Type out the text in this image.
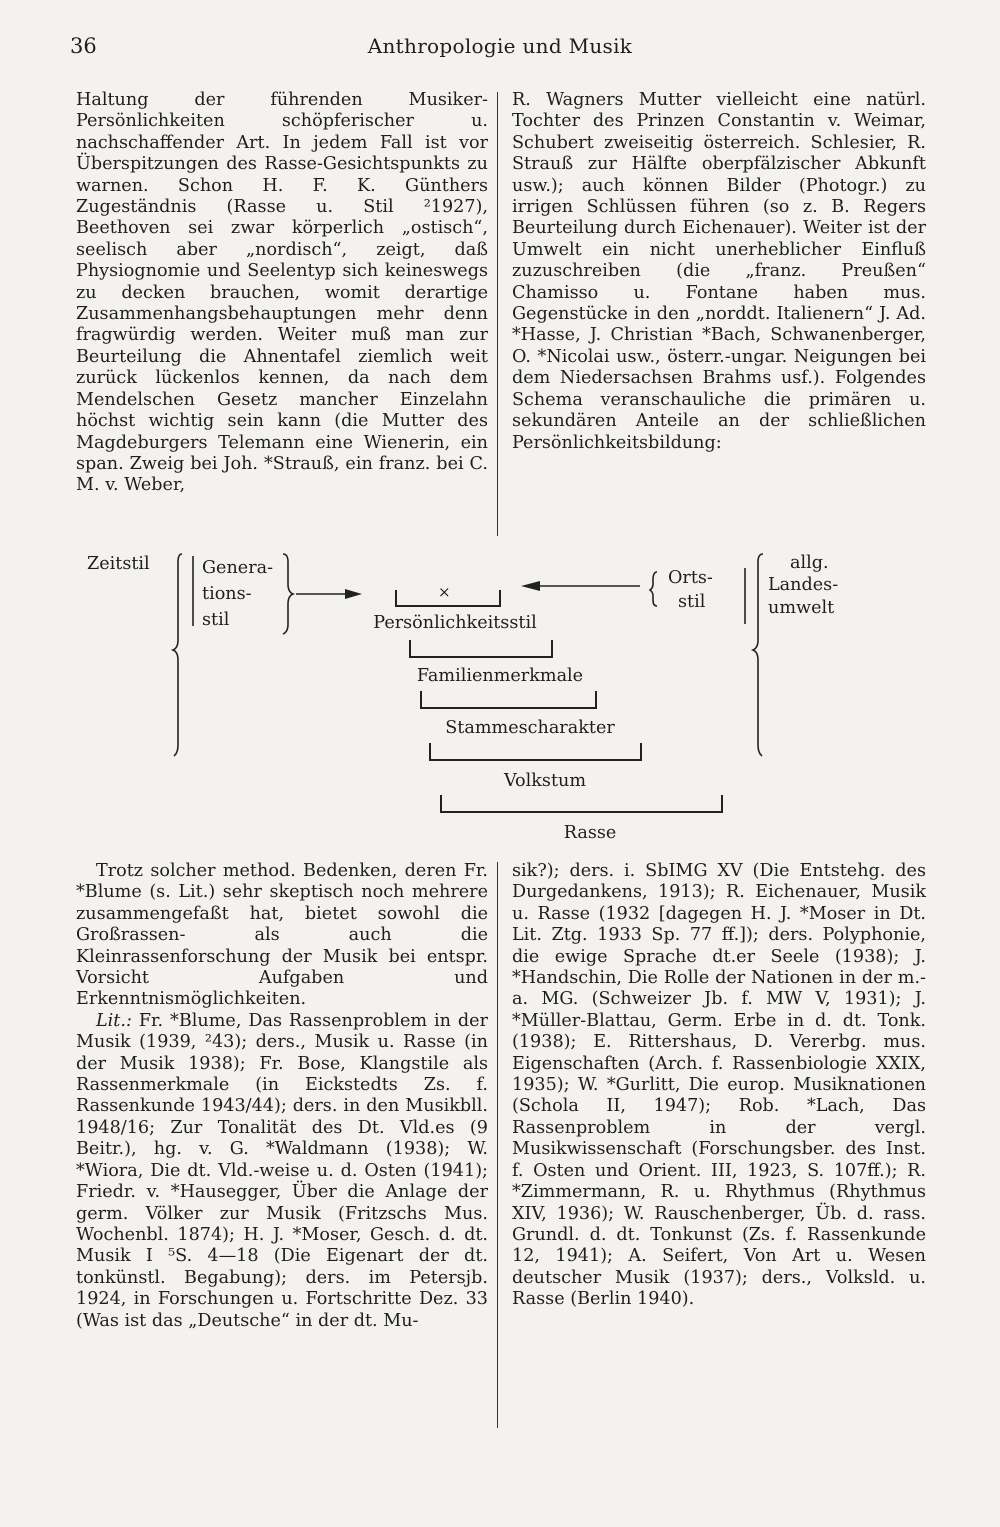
36	Anthropologie und Musik

Haltung der führenden Musiker-Persönlichkeiten schöpferischer u. nachschaffender Art. In jedem Fall ist vor Überspitzungen des Rasse-Gesichtspunkts zu warnen. Schon H. F. K. Günthers Zugeständnis (Rasse u. Stil ²1927), Beethoven sei zwar körperlich „ostisch“, seelisch aber „nordisch“, zeigt, daß Physiognomie und Seelentyp sich keineswegs zu decken brauchen, womit derartige Zusammenhangsbehauptungen mehr denn fragwürdig werden. Weiter muß man zur Beurteilung die Ahnentafel ziemlich weit zurück lückenlos kennen, da nach dem Mendelschen Gesetz mancher Einzelahn höchst wichtig sein kann (die Mutter des Magdeburgers Telemann eine Wienerin, ein span. Zweig bei Joh. *Strauß, ein franz. bei C. M. v. Weber,

R. Wagners Mutter vielleicht eine natürl. Tochter des Prinzen Constantin v. Weimar, Schubert zweiseitig österreich. Schlesier, R. Strauß zur Hälfte oberpfälzischer Abkunft usw.); auch können Bilder (Photogr.) zu irrigen Schlüssen führen (so z. B. Regers Beurteilung durch Eichenauer). Weiter ist der Umwelt ein nicht unerheblicher Einfluß zuzuschreiben (die „franz. Preußen“ Chamisso u. Fontane haben mus. Gegenstücke in den „norddt. Italienern“ J. Ad. *Hasse, J. Christian *Bach, Schwanenberger, O. *Nicolai usw., österr.-ungar. Neigungen bei dem Niedersachsen Brahms usf.). Folgendes Schema veranschauliche die primären u. sekundären Anteile an der schließlichen Persönlichkeitsbildung:

Zeitstil	Genera-
tions-
stil
×
Orts-
stil
allg.
Landes-
umwelt
Persönlichkeitsstil
Familienmerkmale
Stammescharakter
Volkstum
Rasse

Trotz solcher method. Bedenken, deren Fr. *Blume (s. Lit.) sehr skeptisch noch mehrere zusammengefaßt hat, bietet sowohl die Großrassen- als auch die Kleinrassenforschung der Musik bei entspr. Vorsicht Aufgaben und Erkenntnismöglichkeiten.

Lit.: Fr. *Blume, Das Rassenproblem in der Musik (1939, ²43); ders., Musik u. Rasse (in der Musik 1938); Fr. Bose, Klangstile als Rassenmerkmale (in Eickstedts Zs. f. Rassenkunde 1943/44); ders. in den Musikbll. 1948/16; Zur Tonalität des Dt. Vld.es (9 Beitr.), hg. v. G. *Waldmann (1938); W. *Wiora, Die dt. Vld.-weise u. d. Osten (1941); Friedr. v. *Hausegger, Über die Anlage der germ. Völker zur Musik (Fritzschs Mus. Wochenbl. 1874); H. J. *Moser, Gesch. d. dt. Musik I ⁵S. 4—18 (Die Eigenart der dt. tonkünstl. Begabung); ders. im Petersjb. 1924, in Forschungen u. Fortschritte Dez. 33 (Was ist das „Deutsche“ in der dt. Mu-

sik?); ders. i. SbIMG XV (Die Entstehg. des Durgedankens, 1913); R. Eichenauer, Musik u. Rasse (1932 [dagegen H. J. *Moser in Dt. Lit. Ztg. 1933 Sp. 77 ff.]); ders. Polyphonie, die ewige Sprache dt.er Seele (1938); J. *Handschin, Die Rolle der Nationen in der m.-a. MG. (Schweizer Jb. f. MW V, 1931); J. *Müller-Blattau, Germ. Erbe in d. dt. Tonk. (1938); E. Rittershaus, D. Vererbg. mus. Eigenschaften (Arch. f. Rassenbiologie XXIX, 1935); W. *Gurlitt, Die europ. Musiknationen (Schola II, 1947); Rob. *Lach, Das Rassenproblem in der vergl. Musikwissenschaft (Forschungsber. des Inst. f. Osten und Orient. III, 1923, S. 107ff.); R. *Zimmermann, R. u. Rhythmus (Rhythmus XIV, 1936); W. Rauschenberger, Üb. d. rass. Grundl. d. dt. Tonkunst (Zs. f. Rassenkunde 12, 1941); A. Seifert, Von Art u. Wesen deutscher Musik (1937); ders., Volksld. u. Rasse (Berlin 1940).
